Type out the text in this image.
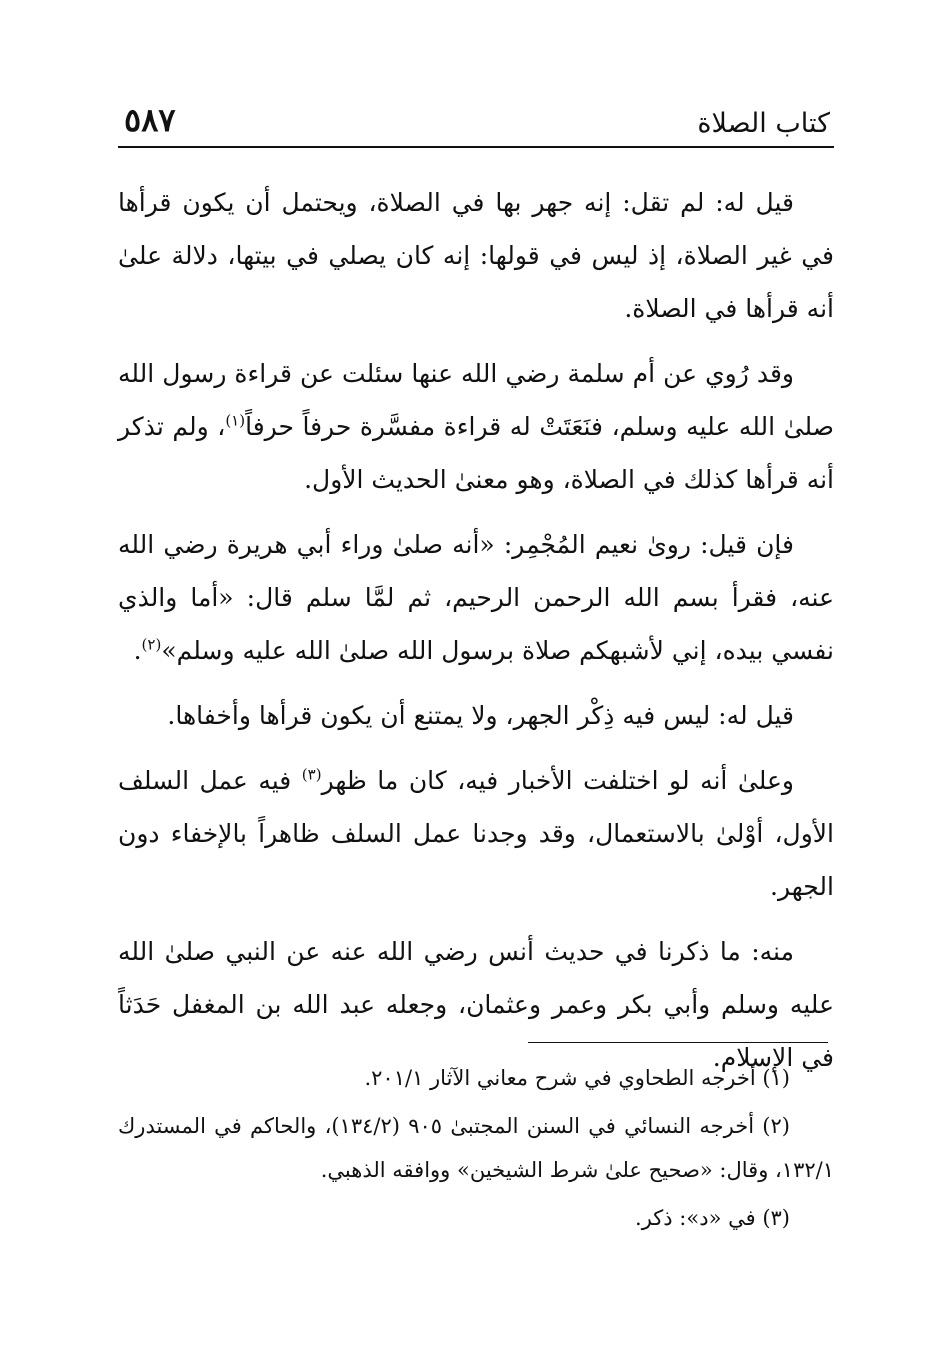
كتاب الصلاة
٥٨٧

قيل له: لم تقل: إنه جهر بها في الصلاة، ويحتمل أن يكون قرأها في غير الصلاة، إذ ليس في قولها: إنه كان يصلي في بيتها، دلالة علىٰ أنه قرأها في الصلاة.

وقد رُوي عن أم سلمة رضي الله عنها سئلت عن قراءة رسول الله صلىٰ الله عليه وسلم، فنَعَتَتْ له قراءة مفسَّرة حرفاً حرفاً$^{(١)}$، ولم تذكر أنه قرأها كذلك في الصلاة، وهو معنىٰ الحديث الأول.

فإن قيل: روىٰ نعيم المُجْمِر: «أنه صلىٰ وراء أبي هريرة رضي الله عنه، فقرأ بسم الله الرحمن الرحيم، ثم لمَّا سلم قال: «أما والذي نفسي بيده، إني لأشبهكم صلاة برسول الله صلىٰ الله عليه وسلم»$^{(٢)}$.

قيل له: ليس فيه ذِكْر الجهر، ولا يمتنع أن يكون قرأها وأخفاها.

وعلىٰ أنه لو اختلفت الأخبار فيه، كان ما ظهر$^{(٣)}$ فيه عمل السلف الأول، أوْلىٰ بالاستعمال، وقد وجدنا عمل السلف ظاهراً بالإخفاء دون الجهر.

منه: ما ذكرنا في حديث أنس رضي الله عنه عن النبي صلىٰ الله عليه وسلم وأبي بكر وعمر وعثمان، وجعله عبد الله بن المغفل حَدَثاً في الإسلام.

(١) أخرجه الطحاوي في شرح معاني الآثار ٢٠١/١.

(٢) أخرجه النسائي في السنن المجتبىٰ ٩٠٥ (١٣٤/٢)، والحاكم في المستدرك ١٣٢/١، وقال: «صحيح علىٰ شرط الشيخين» ووافقه الذهبي.

(٣) في «د»: ذكر.
